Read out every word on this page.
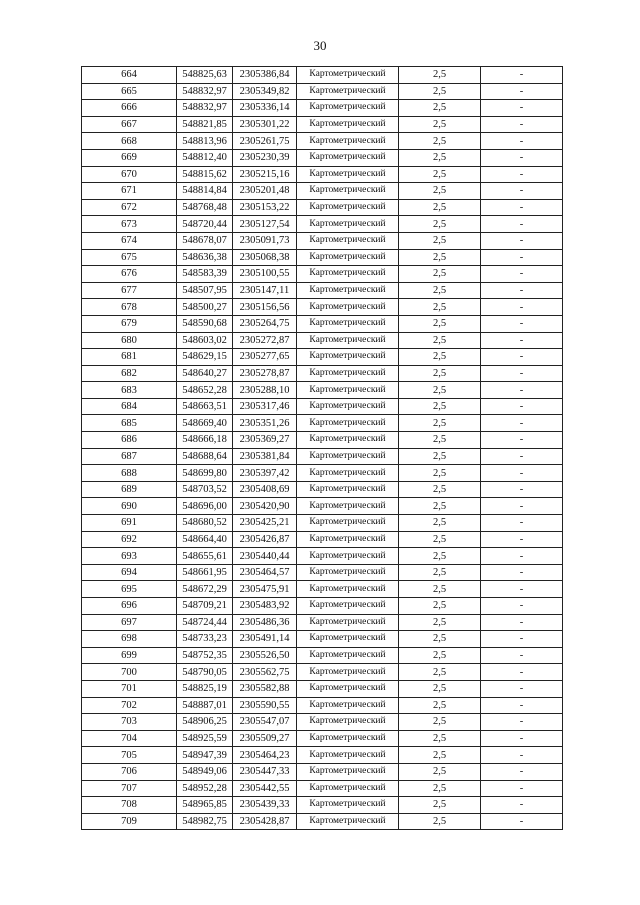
30
664	548825,63	2305386,84	Картометрический	2,5	-
665	548832,97	2305349,82	Картометрический	2,5	-
666	548832,97	2305336,14	Картометрический	2,5	-
667	548821,85	2305301,22	Картометрический	2,5	-
668	548813,96	2305261,75	Картометрический	2,5	-
669	548812,40	2305230,39	Картометрический	2,5	-
670	548815,62	2305215,16	Картометрический	2,5	-
671	548814,84	2305201,48	Картометрический	2,5	-
672	548768,48	2305153,22	Картометрический	2,5	-
673	548720,44	2305127,54	Картометрический	2,5	-
674	548678,07	2305091,73	Картометрический	2,5	-
675	548636,38	2305068,38	Картометрический	2,5	-
676	548583,39	2305100,55	Картометрический	2,5	-
677	548507,95	2305147,11	Картометрический	2,5	-
678	548500,27	2305156,56	Картометрический	2,5	-
679	548590,68	2305264,75	Картометрический	2,5	-
680	548603,02	2305272,87	Картометрический	2,5	-
681	548629,15	2305277,65	Картометрический	2,5	-
682	548640,27	2305278,87	Картометрический	2,5	-
683	548652,28	2305288,10	Картометрический	2,5	-
684	548663,51	2305317,46	Картометрический	2,5	-
685	548669,40	2305351,26	Картометрический	2,5	-
686	548666,18	2305369,27	Картометрический	2,5	-
687	548688,64	2305381,84	Картометрический	2,5	-
688	548699,80	2305397,42	Картометрический	2,5	-
689	548703,52	2305408,69	Картометрический	2,5	-
690	548696,00	2305420,90	Картометрический	2,5	-
691	548680,52	2305425,21	Картометрический	2,5	-
692	548664,40	2305426,87	Картометрический	2,5	-
693	548655,61	2305440,44	Картометрический	2,5	-
694	548661,95	2305464,57	Картометрический	2,5	-
695	548672,29	2305475,91	Картометрический	2,5	-
696	548709,21	2305483,92	Картометрический	2,5	-
697	548724,44	2305486,36	Картометрический	2,5	-
698	548733,23	2305491,14	Картометрический	2,5	-
699	548752,35	2305526,50	Картометрический	2,5	-
700	548790,05	2305562,75	Картометрический	2,5	-
701	548825,19	2305582,88	Картометрический	2,5	-
702	548887,01	2305590,55	Картометрический	2,5	-
703	548906,25	2305547,07	Картометрический	2,5	-
704	548925,59	2305509,27	Картометрический	2,5	-
705	548947,39	2305464,23	Картометрический	2,5	-
706	548949,06	2305447,33	Картометрический	2,5	-
707	548952,28	2305442,55	Картометрический	2,5	-
708	548965,85	2305439,33	Картометрический	2,5	-
709	548982,75	2305428,87	Картометрический	2,5	-
